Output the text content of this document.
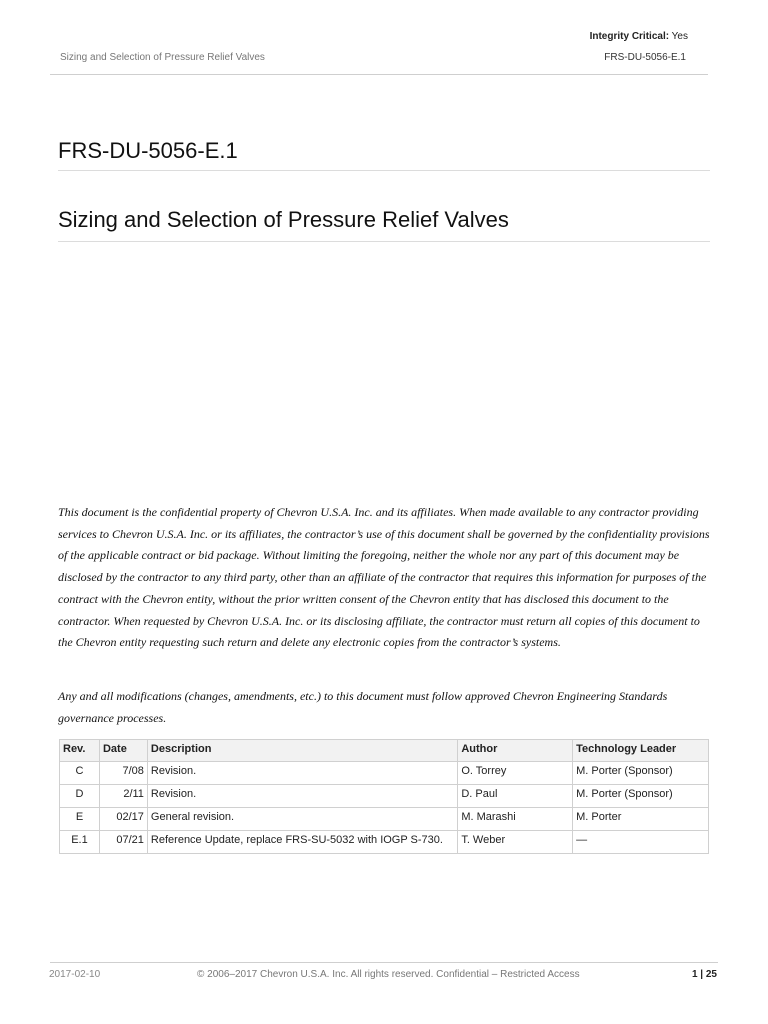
Integrity Critical: Yes
Sizing and Selection of Pressure Relief Valves	FRS-DU-5056-E.1
FRS-DU-5056-E.1
Sizing and Selection of Pressure Relief Valves

This document is the confidential property of Chevron U.S.A. Inc. and its affiliates. When made available to any contractor providing services to Chevron U.S.A. Inc. or its affiliates, the contractor’s use of this document shall be governed by the confidentiality provisions of the applicable contract or bid package. Without limiting the foregoing, neither the whole nor any part of this document may be disclosed by the contractor to any third party, other than an affiliate of the contractor that requires this information for purposes of the contract with the Chevron entity, without the prior written consent of the Chevron entity that has disclosed this document to the contractor. When requested by Chevron U.S.A. Inc. or its disclosing affiliate, the contractor must return all copies of this document to the Chevron entity requesting such return and delete any electronic copies from the contractor’s systems.

Any and all modifications (changes, amendments, etc.) to this document must follow approved Chevron Engineering Standards governance processes.

Rev.	Date	Description	Author	Technology Leader
C	7/08	Revision.	O. Torrey	M. Porter (Sponsor)
D	2/11	Revision.	D. Paul	M. Porter (Sponsor)
E	02/17	General revision.	M. Marashi	M. Porter
E.1	07/21	Reference Update, replace FRS-SU-5032 with IOGP S-730.	T. Weber	—
2017-02-10	© 2006–2017 Chevron U.S.A. Inc. All rights reserved. Confidential – Restricted Access	1 | 25
